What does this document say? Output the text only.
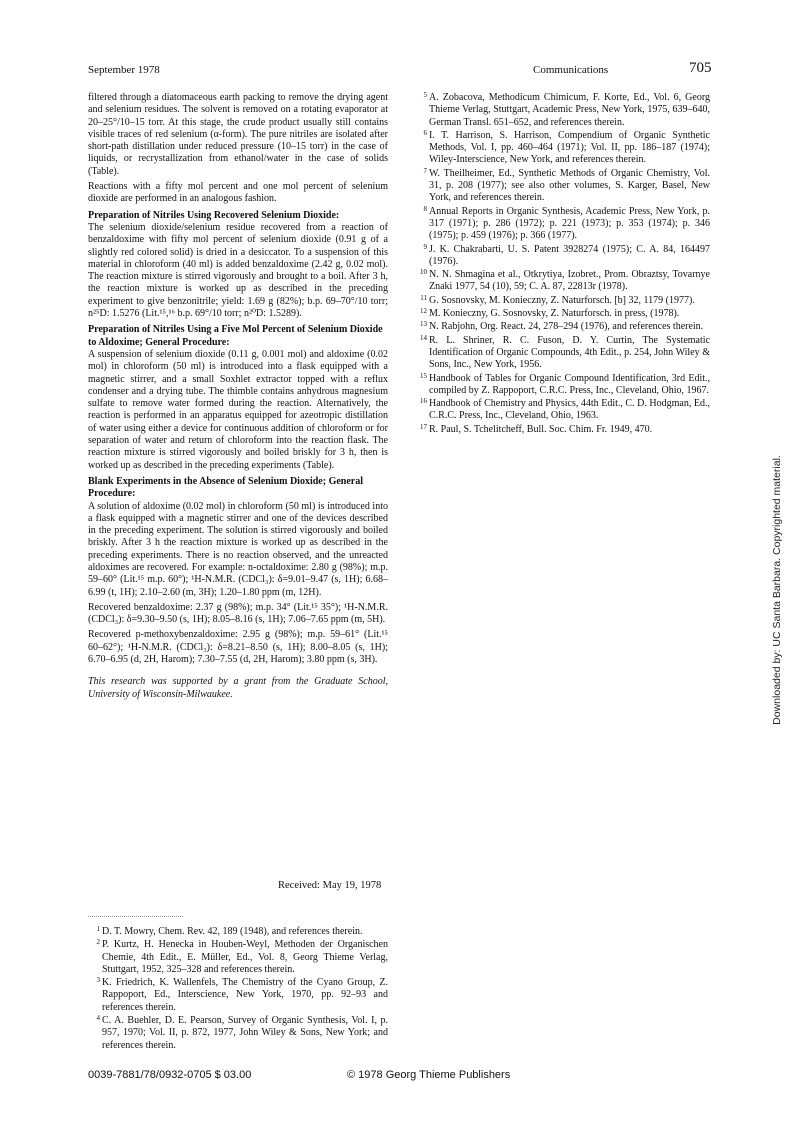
September 1978	Communications	705

filtered through a diatomaceous earth packing to remove the drying agent and selenium residues. The solvent is removed on a rotating evaporator at 20–25°/10–15 torr. At this stage, the crude product usually still contains visible traces of red selenium (α-form). The pure nitriles are isolated after short-path distillation under reduced pressure (10–15 torr) in the case of liquids, or recrystallization from ethanol/water in the case of solids (Table).

Reactions with a fifty mol percent and one mol percent of selenium dioxide are performed in an analogous fashion.

Preparation of Nitriles Using Recovered Selenium Dioxide:

The selenium dioxide/selenium residue recovered from a reaction of benzaldoxime with fifty mol percent of selenium dioxide (0.91 g of a slightly red colored solid) is dried in a desiccator. To a suspension of this material in chloroform (40 ml) is added benzaldoxime (2.42 g, 0.02 mol). The reaction mixture is stirred vigorously and brought to a boil. After 3 h, the reaction mixture is worked up as described in the preceding experiment to give benzonitrile; yield: 1.69 g (82%); b.p. 69–70°/10 torr; n²⁵D: 1.5276 (Lit.¹⁵,¹⁶ b.p. 69°/10 torr; n²⁰D: 1.5289).

Preparation of Nitriles Using a Five Mol Percent of Selenium Dioxide to Aldoxime; General Procedure:

A suspension of selenium dioxide (0.11 g, 0.001 mol) and aldoxime (0.02 mol) in chloroform (50 ml) is introduced into a flask equipped with a magnetic stirrer, and a small Soxhlet extractor topped with a reflux condenser and a drying tube. The thimble contains anhydrous magnesium sulfate to remove water formed during the reaction. Alternatively, the reaction is performed in an apparatus equipped for azeotropic distillation of water using either a device for continuous addition of chloroform or for separation of water and return of chloroform into the reaction flask. The reaction mixture is stirred vigorously and boiled briskly for 3 h, then is worked up as described in the preceding experiments (Table).

Blank Experiments in the Absence of Selenium Dioxide; General Procedure:

A solution of aldoxime (0.02 mol) in chloroform (50 ml) is introduced into a flask equipped with a magnetic stirrer and one of the devices described in the preceding experiment. The solution is stirred vigorously and boiled briskly. After 3 h the reaction mixture is worked up as described in the preceding experiments. There is no reaction observed, and the unreacted aldoximes are recovered. For example: n-octaldoxime: 2.80 g (98%); m.p. 59–60° (Lit.¹⁵ m.p. 60°); ¹H-N.M.R. (CDCl₃): δ=9.01–9.47 (s, 1H); 6.68–6.99 (t, 1H); 2.10–2.60 (m, 3H); 1.20–1.80 ppm (m, 12H).

Recovered benzaldoxime: 2.37 g (98%); m.p. 34° (Lit.¹⁵ 35°); ¹H-N.M.R. (CDCl₃): δ=9.30–9.50 (s, 1H); 8.05–8.16 (s, 1H); 7.06–7.65 ppm (m, 5H).

Recovered p-methoxybenzaldoxime: 2.95 g (98%); m.p. 59–61° (Lit.¹⁵ 60–62°); ¹H-N.M.R. (CDCl₃): δ=8.21–8.50 (s, 1H); 8.00–8.05 (s, 1H); 6.70–6.95 (d, 2H, Harom); 7.30–7.55 (d, 2H, Harom); 3.80 ppm (s, 3H).

This research was supported by a grant from the Graduate School, University of Wisconsin-Milwaukee.

Received: May 19, 1978
1 D. T. Mowry, Chem. Rev. 42, 189 (1948), and references therein.
2 P. Kurtz, H. Henecka in Houben-Weyl, Methoden der Organischen Chemie, 4th Edit., E. Müller, Ed., Vol. 8, Georg Thieme Verlag, Stuttgart, 1952, 325–328 and references therein.
3 K. Friedrich, K. Wallenfels, The Chemistry of the Cyano Group, Z. Rappoport, Ed., Interscience, New York, 1970, pp. 92–93 and references therein.
4 C. A. Buehler, D. E. Pearson, Survey of Organic Synthesis, Vol. I, p. 957, 1970; Vol. II, p. 872, 1977, John Wiley & Sons, New York; and references therein.
5 A. Zobacova, Methodicum Chimicum, F. Korte, Ed., Vol. 6, Georg Thieme Verlag, Stuttgart, Academic Press, New York, 1975, 639–640, German Transl. 651–652, and references therein.
6 I. T. Harrison, S. Harrison, Compendium of Organic Synthetic Methods, Vol. I, pp. 460–464 (1971); Vol. II, pp. 186–187 (1974); Wiley-Interscience, New York, and references therein.
7 W. Theilheimer, Ed., Synthetic Methods of Organic Chemistry, Vol. 31, p. 208 (1977); see also other volumes, S. Karger, Basel, New York, and references therein.
8 Annual Reports in Organic Synthesis, Academic Press, New York, p. 317 (1971); p. 286 (1972); p. 221 (1973); p. 353 (1974); p. 346 (1975); p. 459 (1976); p. 366 (1977).
9 J. K. Chakrabarti, U. S. Patent 3928274 (1975); C. A. 84, 164497 (1976).
10 N. N. Shmagina et al., Otkrytiya, Izobret., Prom. Obraztsy, Tovarnye Znaki 1977, 54 (10), 59; C. A. 87, 22813r (1978).
11 G. Sosnovsky, M. Konieczny, Z. Naturforsch. [b] 32, 1179 (1977).
12 M. Konieczny, G. Sosnovsky, Z. Naturforsch. in press, (1978).
13 N. Rabjohn, Org. React. 24, 278–294 (1976), and references therein.
14 R. L. Shriner, R. C. Fuson, D. Y. Curtin, The Systematic Identification of Organic Compounds, 4th Edit., p. 254, John Wiley & Sons, Inc., New York, 1956.
15 Handbook of Tables for Organic Compound Identification, 3rd Edit., compiled by Z. Rappoport, C.R.C. Press, Inc., Cleveland, Ohio, 1967.
16 Handbook of Chemistry and Physics, 44th Edit., C. D. Hodgman, Ed., C.R.C. Press, Inc., Cleveland, Ohio, 1963.
17 R. Paul, S. Tchelitcheff, Bull. Soc. Chim. Fr. 1949, 470.
0039-7881/78/0932-0705 $ 03.00	© 1978 Georg Thieme Publishers
Downloaded by: UC Santa Barbara. Copyrighted material.
